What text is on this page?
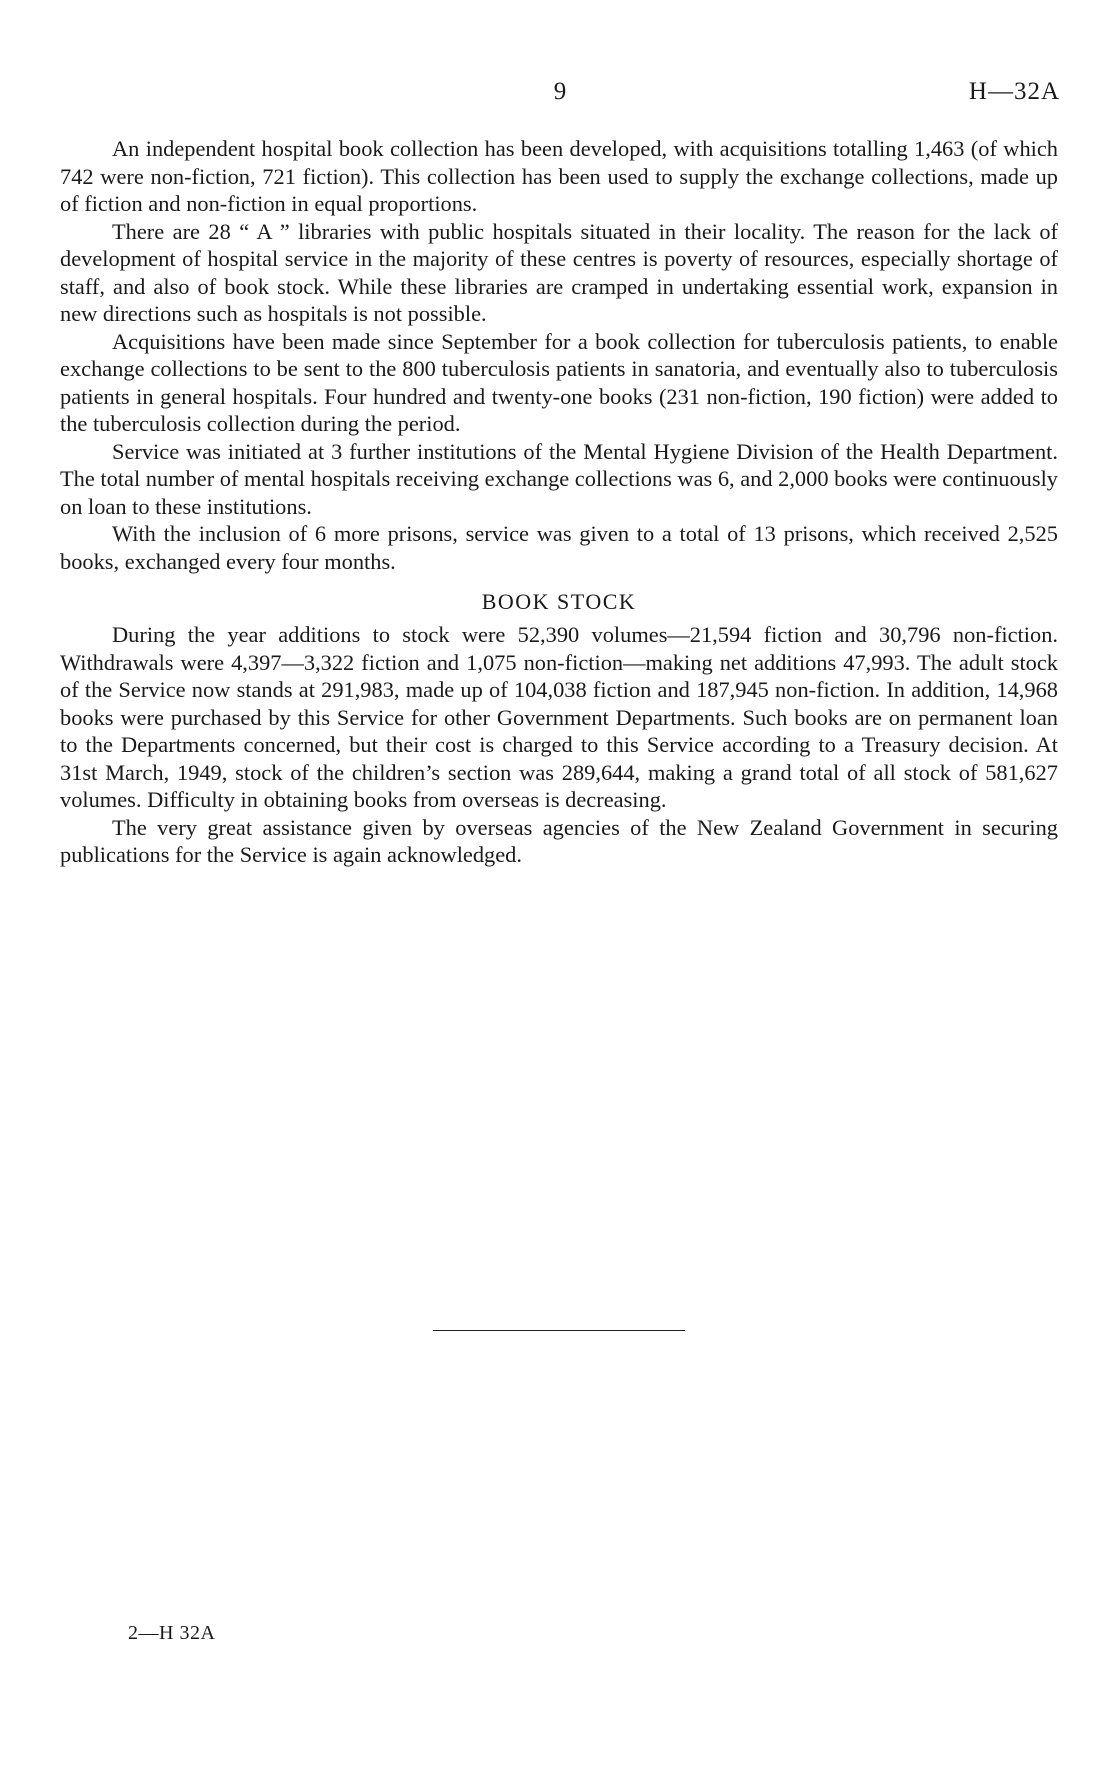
9	H—32A

An independent hospital book collection has been developed, with acquisitions totalling 1,463 (of which 742 were non-fiction, 721 fiction). This collection has been used to supply the exchange collections, made up of fiction and non-fiction in equal proportions.

There are 28 “ A ” libraries with public hospitals situated in their locality. The reason for the lack of development of hospital service in the majority of these centres is poverty of resources, especially shortage of staff, and also of book stock. While these libraries are cramped in undertaking essential work, expansion in new directions such as hospitals is not possible.

Acquisitions have been made since September for a book collection for tuberculosis patients, to enable exchange collections to be sent to the 800 tuberculosis patients in sanatoria, and eventually also to tuberculosis patients in general hospitals. Four hundred and twenty-one books (231 non-fiction, 190 fiction) were added to the tuberculosis collection during the period.

Service was initiated at 3 further institutions of the Mental Hygiene Division of the Health Department. The total number of mental hospitals receiving exchange collections was 6, and 2,000 books were continuously on loan to these institutions.

With the inclusion of 6 more prisons, service was given to a total of 13 prisons, which received 2,525 books, exchanged every four months.

BOOK STOCK

During the year additions to stock were 52,390 volumes—21,594 fiction and 30,796 non-fiction. Withdrawals were 4,397—3,322 fiction and 1,075 non-fiction—making net additions 47,993. The adult stock of the Service now stands at 291,983, made up of 104,038 fiction and 187,945 non-fiction. In addition, 14,968 books were purchased by this Service for other Government Departments. Such books are on permanent loan to the Departments concerned, but their cost is charged to this Service according to a Treasury decision. At 31st March, 1949, stock of the children’s section was 289,644, making a grand total of all stock of 581,627 volumes. Difficulty in obtaining books from overseas is decreasing.

The very great assistance given by overseas agencies of the New Zealand Government in securing publications for the Service is again acknowledged.

2—H 32A
